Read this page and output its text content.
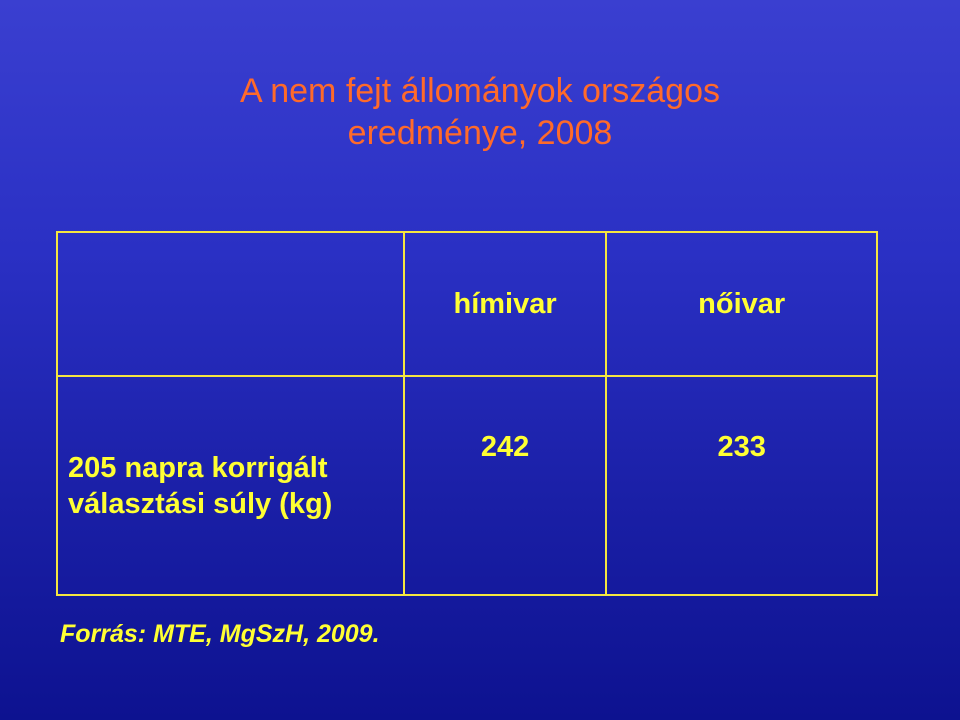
A nem fejt állományok országos
eredménye, 2008
	hímivar	nőivar

205 napra korrigált
választási súly (kg)	242	233
Forrás: MTE, MgSzH, 2009.
